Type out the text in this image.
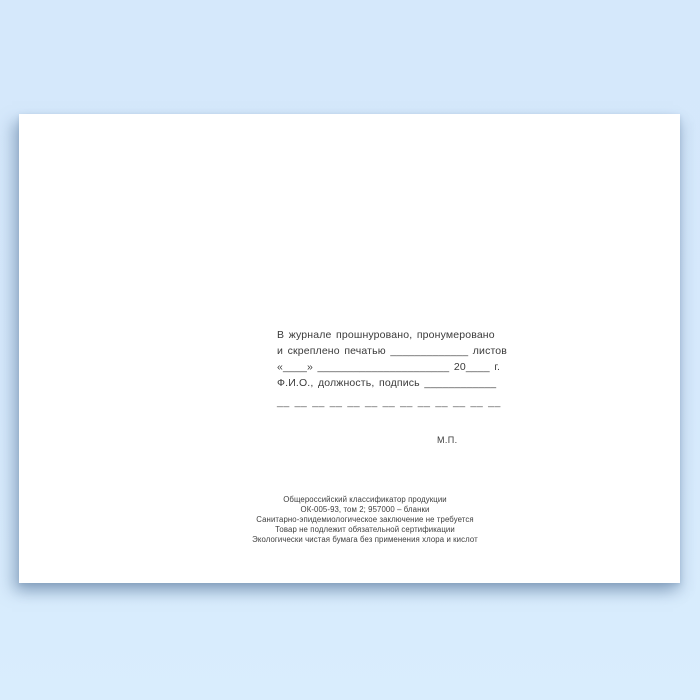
В журнале прошнуровано, пронумеровано
и скреплено печатью _____________ листов
«____» ______________________ 20____ г.
Ф.И.О., должность, подпись ____________
__ __ __ __ __ __ __ __ __ __ __ __ __
М.П.
Общероссийский классификатор продукции
ОК-005-93, том 2; 957000 – бланки
Санитарно-эпидемиологическое заключение не требуется
Товар не подлежит обязательной сертификации
Экологически чистая бумага без применения хлора и кислот
